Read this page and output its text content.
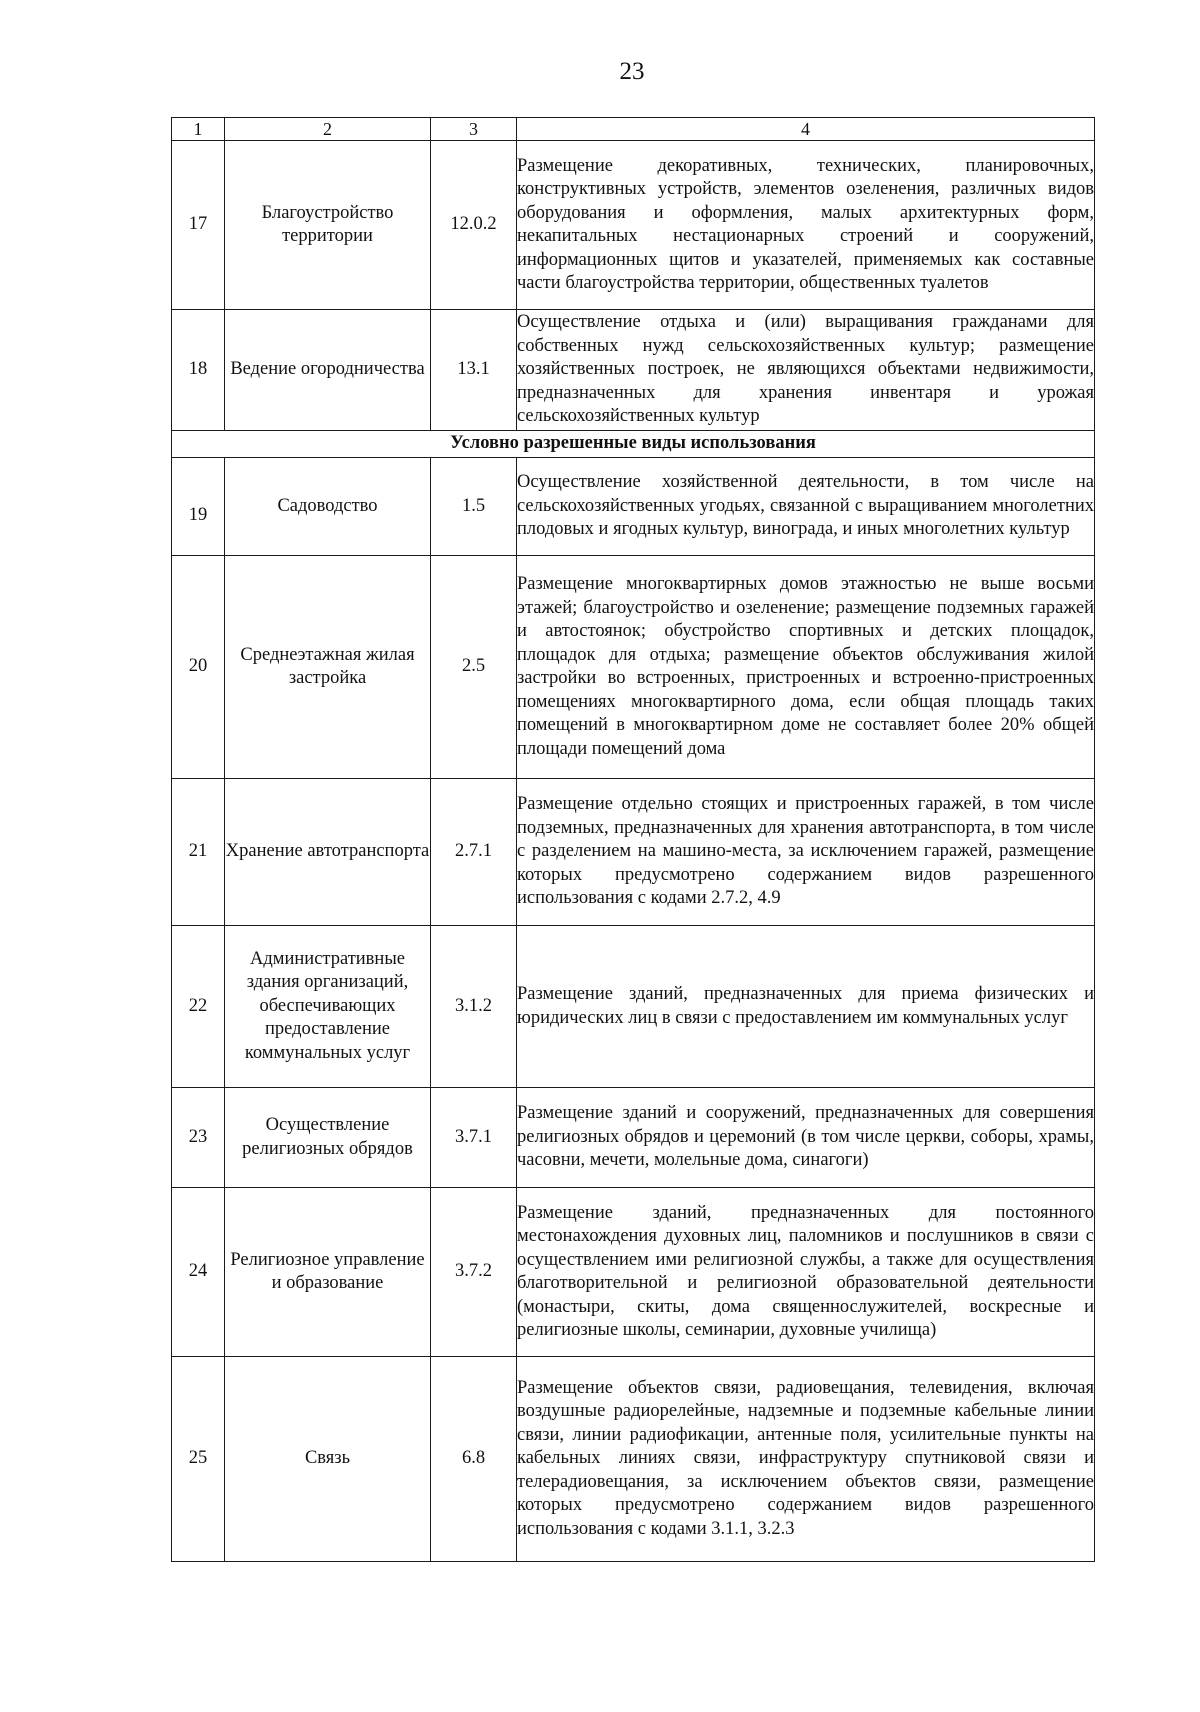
23
1	2	3	4
17	Благоустройство территории	12.0.2	Размещение декоративных, технических, планировочных, конструктивных устройств, элементов озеленения, различных видов оборудования и оформления, малых архитектурных форм, некапитальных нестационарных строений и сооружений, информационных щитов и указателей, применяемых как составные части благоустройства территории, общественных туалетов
18	Ведение огородничества	13.1	Осуществление отдыха и (или) выращивания гражданами для собственных нужд сельскохозяйственных культур; размещение хозяйственных построек, не являющихся объектами недвижимости, предназначенных для хранения инвентаря и урожая сельскохозяйственных культур
Условно разрешенные виды использования			
19	Садоводство	1.5	Осуществление хозяйственной деятельности, в том числе на сельскохозяйственных угодьях, связанной с выращиванием многолетних плодовых и ягодных культур, винограда, и иных многолетних культур
20	Среднеэтажная жилая застройка	2.5	Размещение многоквартирных домов этажностью не выше восьми этажей; благоустройство и озеленение; размещение подземных гаражей и автостоянок; обустройство спортивных и детских площадок, площадок для отдыха; размещение объектов обслуживания жилой застройки во встроенных, пристроенных и встроенно-пристроенных помещениях многоквартирного дома, если общая площадь таких помещений в многоквартирном доме не составляет более 20% общей площади помещений дома
21	Хранение автотранспорта	2.7.1	Размещение отдельно стоящих и пристроенных гаражей, в том числе подземных, предназначенных для хранения автотранспорта, в том числе с разделением на машино-места, за исключением гаражей, размещение которых предусмотрено содержанием видов разрешенного использования с кодами 2.7.2, 4.9
22	Административные здания организаций, обеспечивающих предоставление коммунальных услуг	3.1.2	Размещение зданий, предназначенных для приема физических и юридических лиц в связи с предоставлением им коммунальных услуг
23	Осуществление религиозных обрядов	3.7.1	Размещение зданий и сооружений, предназначенных для совершения религиозных обрядов и церемоний (в том числе церкви, соборы, храмы, часовни, мечети, молельные дома, синагоги)
24	Религиозное управление и образование	3.7.2	Размещение зданий, предназначенных для постоянного местонахождения духовных лиц, паломников и послушников в связи с осуществлением ими религиозной службы, а также для осуществления благотворительной и религиозной образовательной деятельности (монастыри, скиты, дома священнослужителей, воскресные и религиозные школы, семинарии, духовные училища)
25	Связь	6.8	Размещение объектов связи, радиовещания, телевидения, включая воздушные радиорелейные, надземные и подземные кабельные линии связи, линии радиофикации, антенные поля, усилительные пункты на кабельных линиях связи, инфраструктуру спутниковой связи и телерадиовещания, за исключением объектов связи, размещение которых предусмотрено содержанием видов разрешенного использования с кодами 3.1.1, 3.2.3
